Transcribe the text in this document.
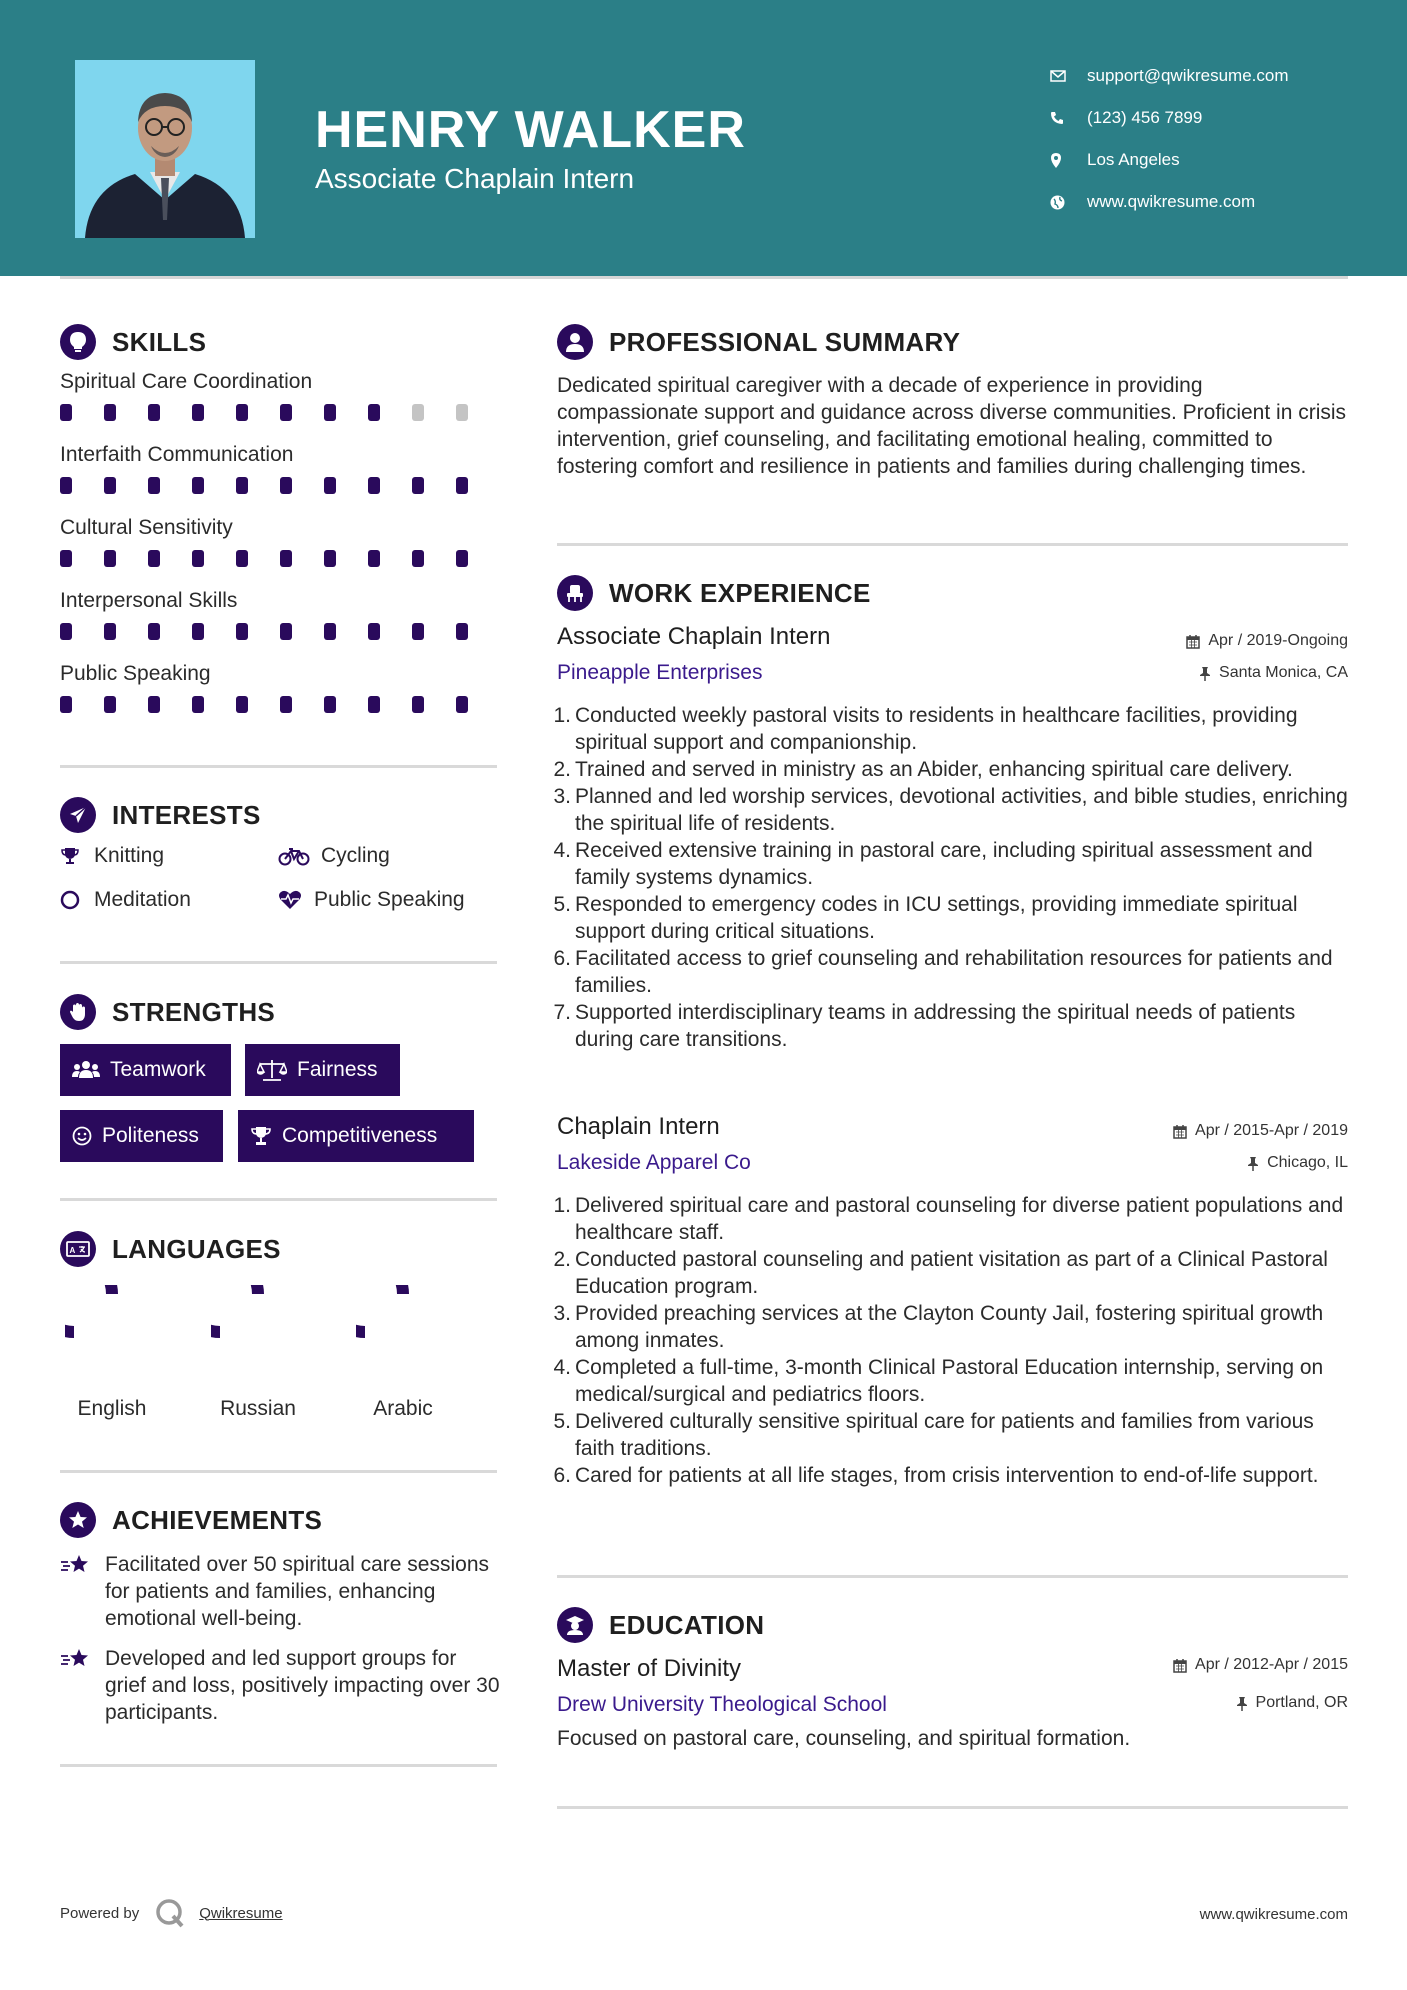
HENRY WALKER
Associate Chaplain Intern
support@qwikresume.com
(123) 456 7899
Los Angeles
www.qwikresume.com
SKILLS
Spiritual Care Coordination
Interfaith Communication
Cultural Sensitivity
Interpersonal Skills
Public Speaking
INTERESTS
Knitting	Cycling
Meditation	Public Speaking
STRENGTHS
Teamwork	Fairness
Politeness	Competitiveness
A LANGUAGES
English	Russian	Arabic
ACHIEVEMENTS
Facilitated over 50 spiritual care sessions for patients and families, enhancing emotional well-being.
Developed and led support groups for grief and loss, positively impacting over 30 participants.
PROFESSIONAL SUMMARY
Dedicated spiritual caregiver with a decade of experience in providing compassionate support and guidance across diverse communities. Proficient in crisis intervention, grief counseling, and facilitating emotional healing, committed to fostering comfort and resilience in patients and families during challenging times.
WORK EXPERIENCE
Associate Chaplain Intern	Apr / 2019-Ongoing
Pineapple Enterprises	Santa Monica, CA
1. Conducted weekly pastoral visits to residents in healthcare facilities, providing spiritual support and companionship.
2. Trained and served in ministry as an Abider, enhancing spiritual care delivery.
3. Planned and led worship services, devotional activities, and bible studies, enriching the spiritual life of residents.
4. Received extensive training in pastoral care, including spiritual assessment and family systems dynamics.
5. Responded to emergency codes in ICU settings, providing immediate spiritual support during critical situations.
6. Facilitated access to grief counseling and rehabilitation resources for patients and families.
7. Supported interdisciplinary teams in addressing the spiritual needs of patients during care transitions.
Chaplain Intern	Apr / 2015-Apr / 2019
Lakeside Apparel Co	Chicago, IL
1. Delivered spiritual care and pastoral counseling for diverse patient populations and healthcare staff.
2. Conducted pastoral counseling and patient visitation as part of a Clinical Pastoral Education program.
3. Provided preaching services at the Clayton County Jail, fostering spiritual growth among inmates.
4. Completed a full-time, 3-month Clinical Pastoral Education internship, serving on medical/surgical and pediatrics floors.
5. Delivered culturally sensitive spiritual care for patients and families from various faith traditions.
6. Cared for patients at all life stages, from crisis intervention to end-of-life support.
EDUCATION
Master of Divinity	Apr / 2012-Apr / 2015
Drew University Theological School	Portland, OR
Focused on pastoral care, counseling, and spiritual formation.
Powered by	Qwikresume	www.qwikresume.com
